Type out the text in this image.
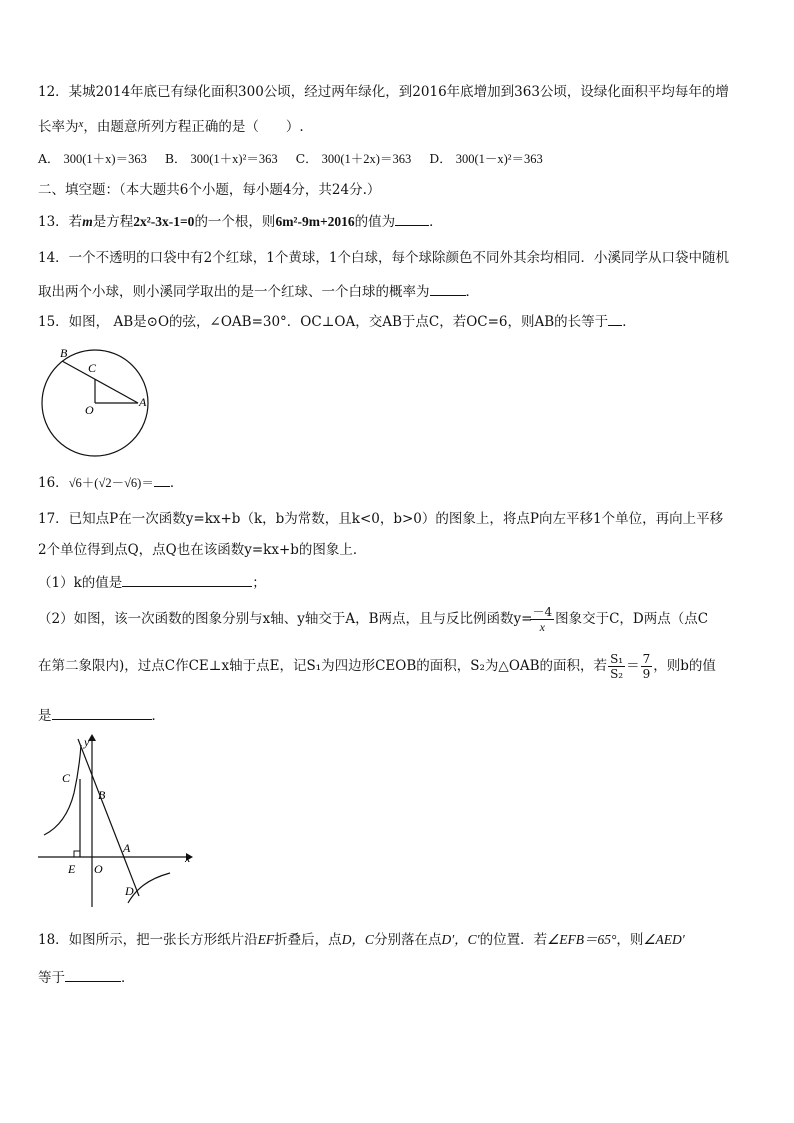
12．某城2014年底已有绿化面积300公顷，经过两年绿化，到2016年底增加到363公顷，设绿化面积平均每年的增
长率为$^x$，由题意所列方程正确的是（　　）.
A． 300(1＋x)＝363 B． 300(1＋x)²＝363 C． 300(1＋2x)＝363 D． 300(1－x)²＝363
二、填空题：（本大题共6个小题，每小题4分，共24分.）
13．若m是方程2x²-3x-1=0的一个根，则6m²-9m+2016的值为	．
14．一个不透明的口袋中有2个红球，1个黄球，1个白球，每个球除颜色不同外其余均相同．小溪同学从口袋中随机
取出两个小球，则小溪同学取出的是一个红球、一个白球的概率为	．
15．如图， AB是⊙O的弦，∠OAB=30°．OC⊥OA，交AB于点C，若OC=6，则AB的长等于 ．
B
C
O
A
16．√6＋(√2－√6)＝ ．
17．已知点P在一次函数y=kx+b（k，b为常数，且k<0，b>0）的图象上，将点P向左平移1个单位，再向上平移
2个单位得到点Q，点Q也在该函数y=kx+b的图象上．
（1）k的值是	；
（2）如图，该一次函数的图象分别与x轴、y轴交于A，B两点，且与反比例函数y=
$\frac{-4}{x}$ 图象交于C，D两点（点C
在第二象限内)，过点C作CE⊥x轴于点E，记S₁为四边形CEOB的面积，S₂为△OAB的面积，若 $\frac{\text{S₁}}{\text{S₂}} = \frac{7}{9}$ ，则b的值
是	．
y
x
C
B
A
E O
D
18．如图所示，把一张长方形纸片沿EF折叠后，点D，C分别落在点D′，C′的位置．若∠EFB＝65°，则∠AED′
等于	．
